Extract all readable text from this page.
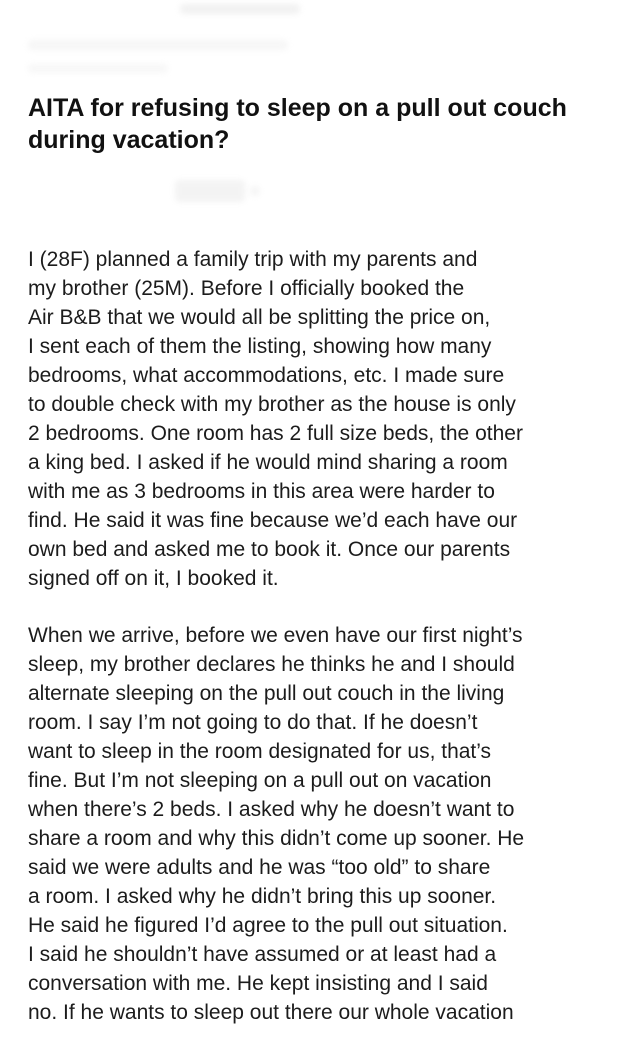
AITA for refusing to sleep on a pull out couch
during vacation?
I (28F) planned a family trip with my parents and
my brother (25M). Before I officially booked the
Air B&B that we would all be splitting the price on,
I sent each of them the listing, showing how many
bedrooms, what accommodations, etc. I made sure
to double check with my brother as the house is only
2 bedrooms. One room has 2 full size beds, the other
a king bed. I asked if he would mind sharing a room
with me as 3 bedrooms in this area were harder to
find. He said it was fine because we’d each have our
own bed and asked me to book it. Once our parents
signed off on it, I booked it.
When we arrive, before we even have our first night’s
sleep, my brother declares he thinks he and I should
alternate sleeping on the pull out couch in the living
room. I say I’m not going to do that. If he doesn’t
want to sleep in the room designated for us, that’s
fine. But I’m not sleeping on a pull out on vacation
when there’s 2 beds. I asked why he doesn’t want to
share a room and why this didn’t come up sooner. He
said we were adults and he was “too old” to share
a room. I asked why he didn’t bring this up sooner.
He said he figured I’d agree to the pull out situation.
I said he shouldn’t have assumed or at least had a
conversation with me. He kept insisting and I said
no. If he wants to sleep out there our whole vacation
